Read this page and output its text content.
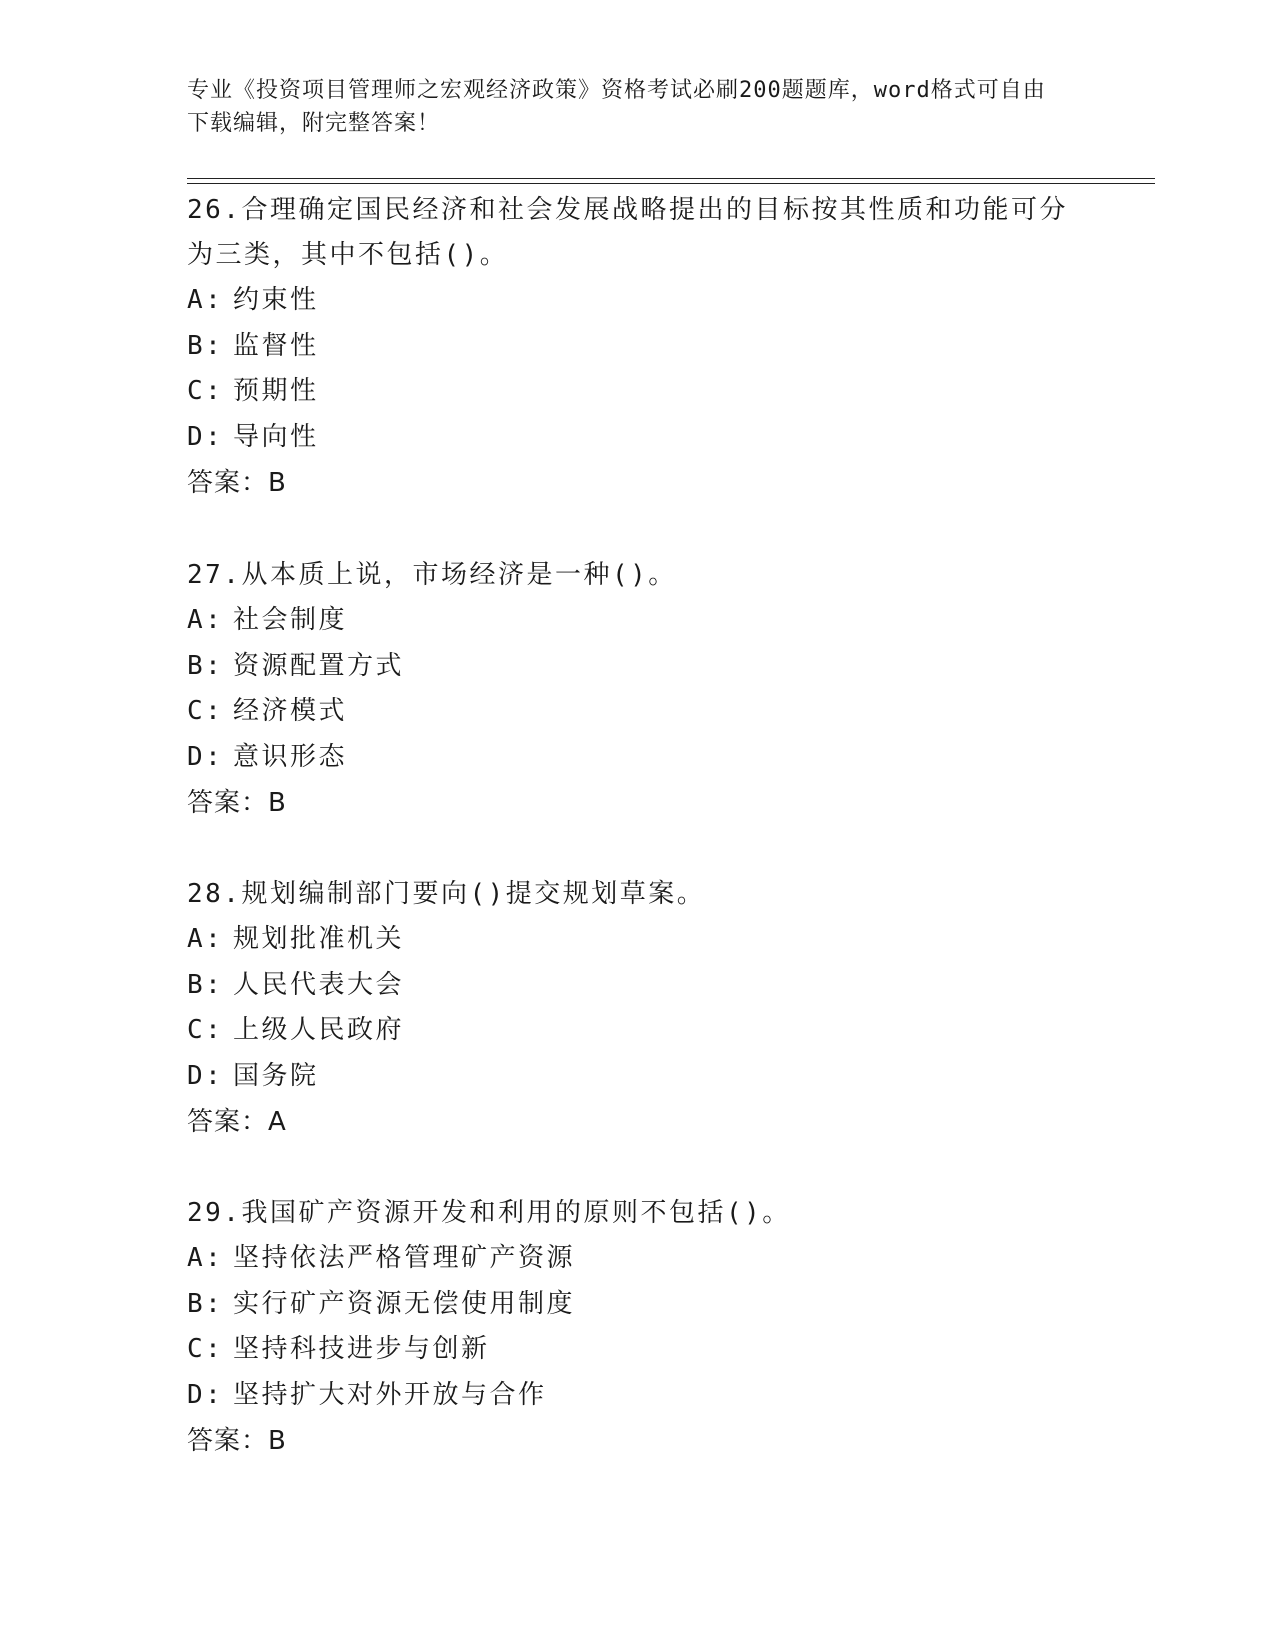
专业《投资项目管理师之宏观经济政策》资格考试必刷200题题库，word格式可自由下载编辑，附完整答案！

26.合理确定国民经济和社会发展战略提出的目标按其性质和功能可分为三类，其中不包括()。

A: 约束性

B: 监督性

C: 预期性

D: 导向性

答案：B

27.从本质上说，市场经济是一种()。

A: 社会制度

B: 资源配置方式

C: 经济模式

D: 意识形态

答案：B

28.规划编制部门要向()提交规划草案。

A: 规划批准机关

B: 人民代表大会

C: 上级人民政府

D: 国务院

答案：A

29.我国矿产资源开发和利用的原则不包括()。

A: 坚持依法严格管理矿产资源

B: 实行矿产资源无偿使用制度

C: 坚持科技进步与创新

D: 坚持扩大对外开放与合作

答案：B
